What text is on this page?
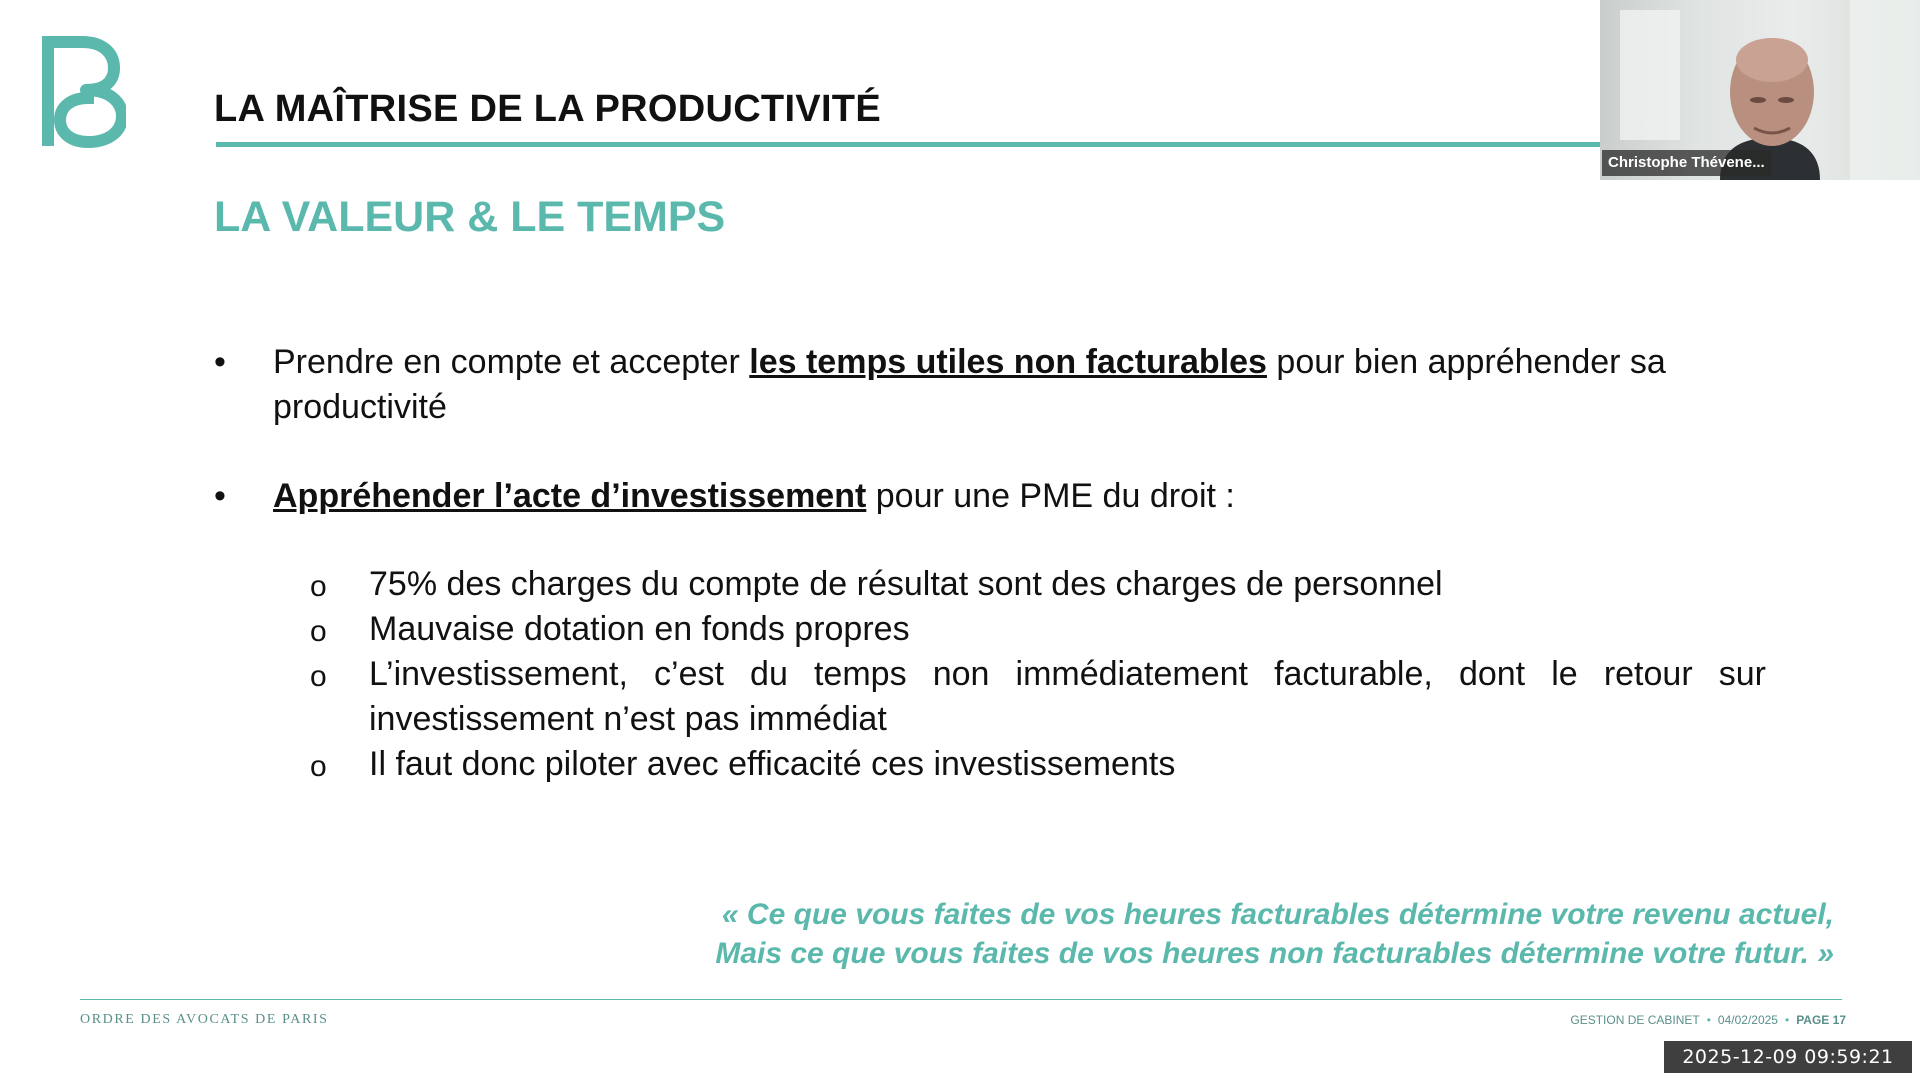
LA MAÎTRISE DE LA PRODUCTIVITÉ
LA VALEUR & LE TEMPS
•	Prendre en compte et accepter les temps utiles non facturables pour bien appréhender sa productivité
•	Appréhender l’acte d’investissement pour une PME du droit :
o 75% des charges du compte de résultat sont des charges de personnel
o Mauvaise dotation en fonds propres
o L’investissement, c’est du temps non immédiatement facturable, dont le retour sur investissement n’est pas immédiat
o Il faut donc piloter avec efficacité ces investissements
« Ce que vous faites de vos heures facturables détermine votre revenu actuel,
Mais ce que vous faites de vos heures non facturables détermine votre futur. »
ORDRE DES AVOCATS DE PARIS	GESTION DE CABINET • 04/02/2025 • PAGE 17
Christophe Thévene...
2025-12-09 09:59:21
